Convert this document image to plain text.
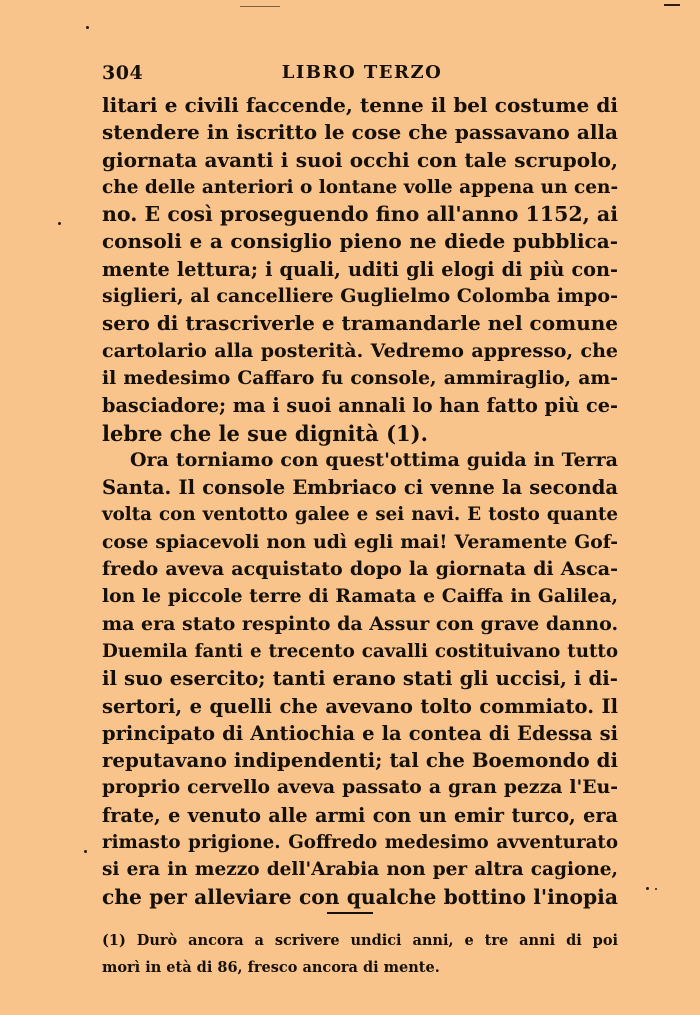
304	LIBRO TERZO
litari e civili faccende, tenne il bel costume di
stendere in iscritto le cose che passavano alla
giornata avanti i suoi occhi con tale scrupolo,
che delle anteriori o lontane volle appena un cen-
no. E così proseguendo fino all'anno 1152, ai
consoli e a consiglio pieno ne diede pubblica-
mente lettura; i quali, uditi gli elogi di più con-
siglieri, al cancelliere Guglielmo Colomba impo-
sero di trascriverle e tramandarle nel comune
cartolario alla posterità. Vedremo appresso, che
il medesimo Caffaro fu console, ammiraglio, am-
basciadore; ma i suoi annali lo han fatto più ce-
lebre che le sue dignità (1).
Ora torniamo con quest'ottima guida in Terra
Santa. Il console Embriaco ci venne la seconda
volta con ventotto galee e sei navi. E tosto quante
cose spiacevoli non udì egli mai! Veramente Gof-
fredo aveva acquistato dopo la giornata di Asca-
lon le piccole terre di Ramata e Caiffa in Galilea,
ma era stato respinto da Assur con grave danno.
Duemila fanti e trecento cavalli costituivano tutto
il suo esercito; tanti erano stati gli uccisi, i di-
sertori, e quelli che avevano tolto commiato. Il
principato di Antiochia e la contea di Edessa si
reputavano indipendenti; tal che Boemondo di
proprio cervello aveva passato a gran pezza l'Eu-
frate, e venuto alle armi con un emir turco, era
rimasto prigione. Goffredo medesimo avventurato
si era in mezzo dell'Arabia non per altra cagione,
che per alleviare con qualche bottino l'inopia
(1) Durò ancora a scrivere undici anni, e tre anni di poi
morì in età di 86, fresco ancora di mente.
